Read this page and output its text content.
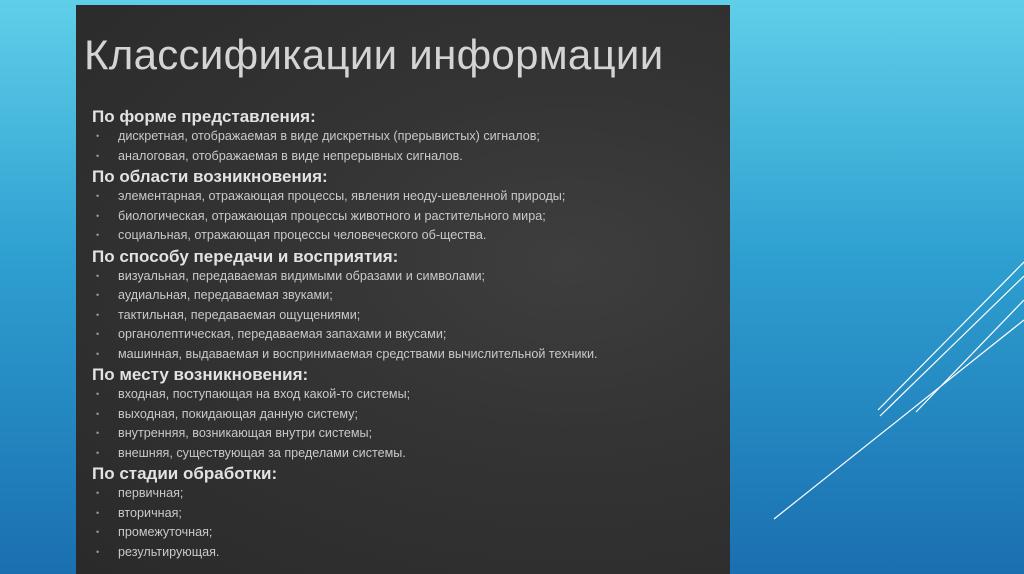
Классификации информации

По форме представления:

• дискретная, отображаемая в виде дискретных (прерывистых) сигналов;
• аналоговая, отображаемая в виде непрерывных сигналов.

По области возникновения:

• элементарная, отражающая процессы, явления неоду-шевленной природы;
• биологическая, отражающая процессы животного и растительного мира;
• социальная, отражающая процессы человеческого об-щества.

По способу передачи и восприятия:

• визуальная, передаваемая видимыми образами и символами;
• аудиальная, передаваемая звуками;
• тактильная, передаваемая ощущениями;
• органолептическая, передаваемая запахами и вкусами;
• машинная, выдаваемая и воспринимаемая средствами вычислительной техники.

По месту возникновения:

• входная, поступающая на вход какой-то системы;
• выходная, покидающая данную систему;
• внутренняя, возникающая внутри системы;
• внешняя, существующая за пределами системы.

По стадии обработки:

• первичная;
• вторичная;
• промежуточная;
• результирующая.
